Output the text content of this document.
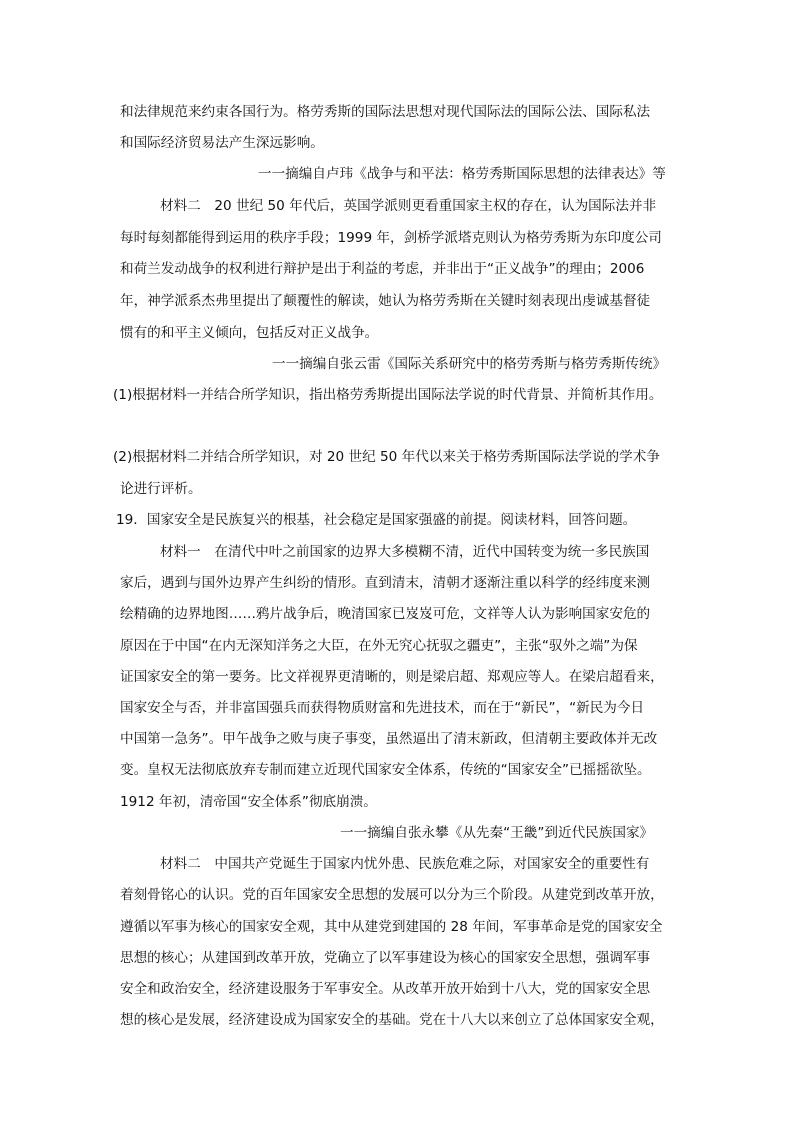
和法律规范来约束各国行为。格劳秀斯的国际法思想对现代国际法的国际公法、国际私法
和国际经济贸易法产生深远影响。
一一摘编自卢玮《战争与和平法：格劳秀斯国际思想的法律表达》等
材料二　20 世纪 50 年代后，英国学派则更看重国家主权的存在，认为国际法并非
每时每刻都能得到运用的秩序手段；1999 年，剑桥学派塔克则认为格劳秀斯为东印度公司
和荷兰发动战争的权利进行辩护是出于利益的考虑，并非出于“正义战争”的理由；2006
年，神学派系杰弗里提出了颠覆性的解读，她认为格劳秀斯在关键时刻表现出虔诚基督徒
惯有的和平主义倾向，包括反对正义战争。
一一摘编自张云雷《国际关系研究中的格劳秀斯与格劳秀斯传统》
(1)根据材料一并结合所学知识，指出格劳秀斯提出国际法学说的时代背景、并简析其作用。
(2)根据材料二并结合所学知识，对 20 世纪 50 年代以来关于格劳秀斯国际法学说的学术争
论进行评析。
19．国家安全是民族复兴的根基，社会稳定是国家强盛的前提。阅读材料，回答问题。
材料一　在清代中叶之前国家的边界大多模糊不清，近代中国转变为统一多民族国
家后，遇到与国外边界产生纠纷的情形。直到清末，清朝才逐渐注重以科学的经纬度来测
绘精确的边界地图……鸦片战争后，晚清国家已岌岌可危，文祥等人认为影响国家安危的
原因在于中国“在内无深知洋务之大臣，在外无究心抚驭之疆吏”，主张“驭外之端”为保
证国家安全的第一要务。比文祥视界更清晰的，则是梁启超、郑观应等人。在梁启超看来，
国家安全与否，并非富国强兵而获得物质财富和先进技术，而在于“新民”，“新民为今日
中国第一急务”。甲午战争之败与庚子事变，虽然逼出了清末新政，但清朝主要政体并无改
变。皇权无法彻底放弃专制而建立近现代国家安全体系，传统的“国家安全”已摇摇欲坠。
1912 年初，清帝国“安全体系”彻底崩溃。
一一摘编自张永攀《从先秦“王畿”到近代民族国家》
材料二　中国共产党诞生于国家内忧外患、民族危难之际，对国家安全的重要性有
着刻骨铭心的认识。党的百年国家安全思想的发展可以分为三个阶段。从建党到改革开放，
遵循以军事为核心的国家安全观，其中从建党到建国的 28 年间，军事革命是党的国家安全
思想的核心；从建国到改革开放，党确立了以军事建设为核心的国家安全思想，强调军事
安全和政治安全，经济建设服务于军事安全。从改革开放开始到十八大，党的国家安全思
想的核心是发展，经济建设成为国家安全的基础。党在十八大以来创立了总体国家安全观，
